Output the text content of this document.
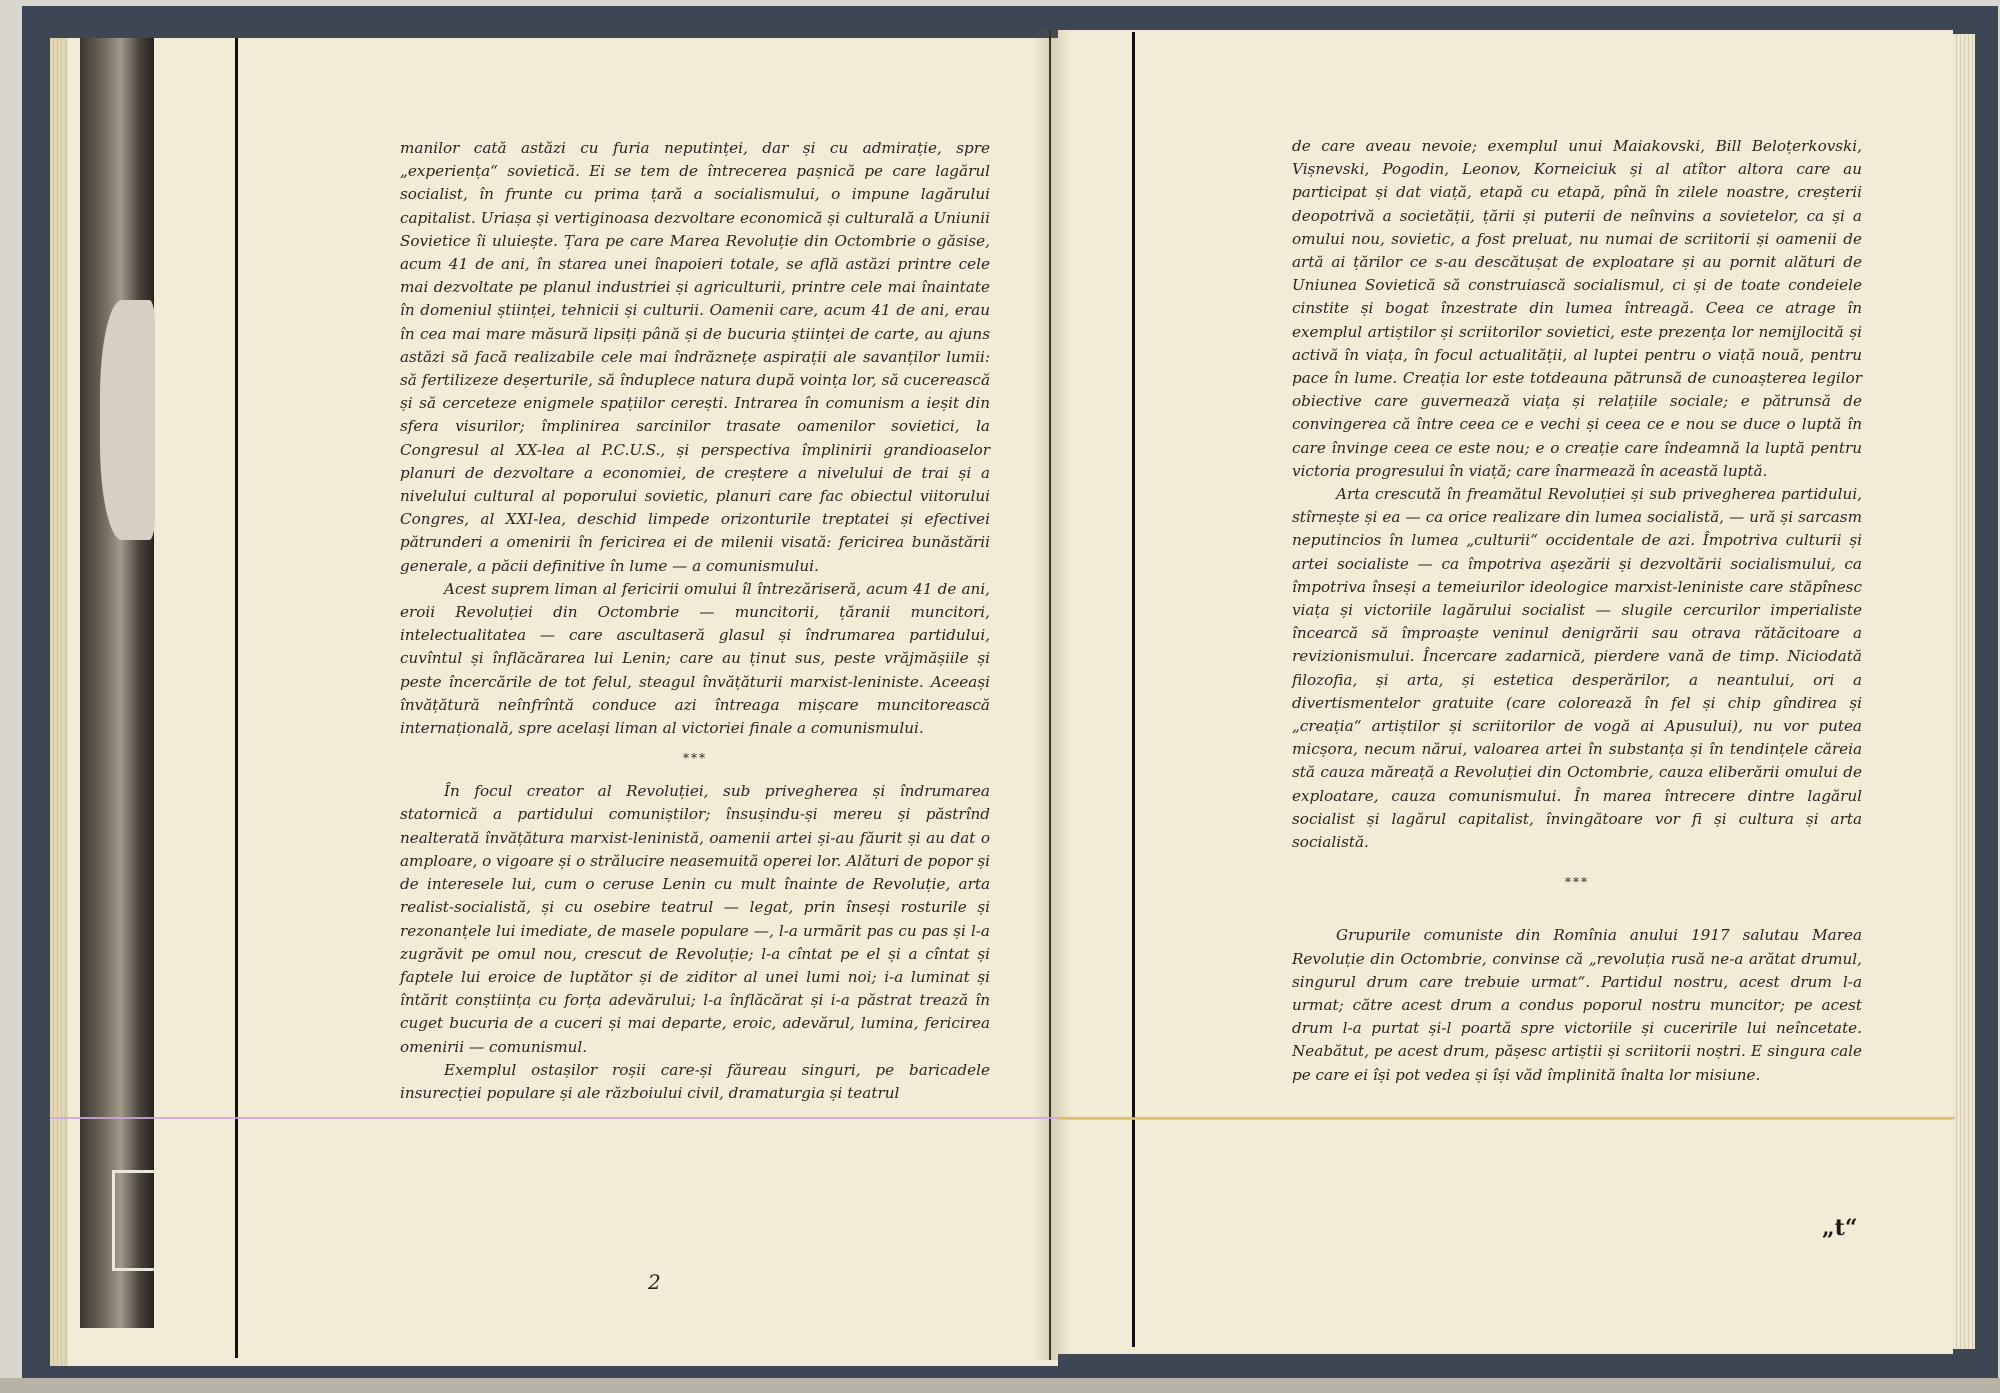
manilor cată astăzi cu furia neputinței, dar și cu admirație, spre „experiența“ sovietică. Ei se tem de întrecerea pașnică pe care lagărul socialist, în frunte cu prima țară a socialismului, o impune lagărului capitalist. Uriașa și vertiginoasa dezvoltare economică și culturală a Uniunii Sovietice îi uluiește. Țara pe care Marea Revoluție din Octombrie o găsise, acum 41 de ani, în starea unei înapoieri totale, se află astăzi printre cele mai dezvoltate pe planul industriei și agriculturii, printre cele mai înaintate în domeniul științei, tehnicii și culturii. Oamenii care, acum 41 de ani, erau în cea mai mare măsură lipsiți până și de bucuria științei de carte, au ajuns astăzi să facă realizabile cele mai îndrăznețe aspirații ale savanților lumii: să fertilizeze deșerturile, să înduplece natura după voința lor, să cucerească și să cerceteze enigmele spațiilor cerești. Intrarea în comunism a ieșit din sfera visurilor; împlinirea sarcinilor trasate oamenilor sovietici, la Congresul al XX-lea al P.C.U.S., și perspectiva împlinirii grandioaselor planuri de dezvoltare a economiei, de creștere a nivelului de trai și a nivelului cultural al poporului sovietic, planuri care fac obiectul viitorului Congres, al XXI-lea, deschid limpede orizonturile treptatei și efectivei pătrunderi a omenirii în fericirea ei de milenii visată: fericirea bunăstării generale, a păcii definitive în lume — a comunismului.

Acest suprem liman al fericirii omului îl întrezăriseră, acum 41 de ani, eroii Revoluției din Octombrie — muncitorii, țăranii muncitori, intelectualitatea — care ascultaseră glasul și îndrumarea partidului, cuvîntul și înflăcărarea lui Lenin; care au ținut sus, peste vrăjmășiile și peste încercările de tot felul, steagul învățăturii marxist-leniniste. Aceeași învățătură neînfrîntă conduce azi întreaga mișcare muncitorească internațională, spre același liman al victoriei finale a comunismului.

***

În focul creator al Revoluției, sub privegherea și îndrumarea statornică a partidului comuniștilor; însușindu-și mereu și păstrînd nealterată învățătura marxist-leninistă, oamenii artei și-au făurit și au dat o amploare, o vigoare și o strălucire neasemuită operei lor. Alături de popor și de interesele lui, cum o ceruse Lenin cu mult înainte de Revoluție, arta realist-socialistă, și cu osebire teatrul — legat, prin înseși rosturile și rezonanțele lui imediate, de masele populare —, l-a urmărit pas cu pas și l-a zugrăvit pe omul nou, crescut de Revoluție; l-a cîntat pe el și a cîntat și faptele lui eroice de luptător și de ziditor al unei lumi noi; i-a luminat și întărit conștiința cu forța adevărului; l-a înflăcărat și i-a păstrat trează în cuget bucuria de a cuceri și mai departe, eroic, adevărul, lumina, fericirea omenirii — comunismul.

Exemplul ostașilor roșii care-și făureau singuri, pe baricadele insurecției populare și ale războiului civil, dramaturgia și teatrul

2

de care aveau nevoie; exemplul unui Maiakovski, Bill Beloțerkovski, Vișnevski, Pogodin, Leonov, Korneiciuk și al atîtor altora care au participat și dat viață, etapă cu etapă, pînă în zilele noastre, creșterii deopotrivă a societății, țării și puterii de neînvins a sovietelor, ca și a omului nou, sovietic, a fost preluat, nu numai de scriitorii și oamenii de artă ai țărilor ce s-au descătușat de exploatare și au pornit alături de Uniunea Sovietică să construiască socialismul, ci și de toate condeiele cinstite și bogat înzestrate din lumea întreagă. Ceea ce atrage în exemplul artiștilor și scriitorilor sovietici, este prezența lor nemijlocită și activă în viața, în focul actualității, al luptei pentru o viață nouă, pentru pace în lume. Creația lor este totdeauna pătrunsă de cunoașterea legilor obiective care guvernează viața și relațiile sociale; e pătrunsă de convingerea că între ceea ce e vechi și ceea ce e nou se duce o luptă în care învinge ceea ce este nou; e o creație care îndeamnă la luptă pentru victoria progresului în viață; care înarmează în această luptă.

Arta crescută în freamătul Revoluției și sub privegherea partidului, stîrnește și ea — ca orice realizare din lumea socialistă, — ură și sarcasm neputincios în lumea „culturii“ occidentale de azi. Împotriva culturii și artei socialiste — ca împotriva așezării și dezvoltării socialismului, ca împotriva înseși a temeiurilor ideologice marxist-leniniste care stăpînesc viața și victoriile lagărului socialist — slugile cercurilor imperialiste încearcă să împroaște veninul denigrării sau otrava rătăcitoare a revizionismului. Încercare zadarnică, pierdere vană de timp. Niciodată filozofia, și arta, și estetica desperărilor, a neantului, ori a divertismentelor gratuite (care colorează în fel și chip gîndirea și „creația“ artiștilor și scriitorilor de vogă ai Apusului), nu vor putea micșora, necum nărui, valoarea artei în substanța și în tendințele căreia stă cauza măreață a Revoluției din Octombrie, cauza eliberării omului de exploatare, cauza comunismului. În marea întrecere dintre lagărul socialist și lagărul capitalist, învingătoare vor fi și cultura și arta socialistă.

***

Grupurile comuniste din Romînia anului 1917 salutau Marea Revoluție din Octombrie, convinse că „revoluția rusă ne-a arătat drumul, singurul drum care trebuie urmat“. Partidul nostru, acest drum l-a urmat; către acest drum a condus poporul nostru muncitor; pe acest drum l-a purtat și-l poartă spre victoriile și cuceririle lui neîncetate. Neabătut, pe acest drum, pășesc artiștii și scriitorii noștri. E singura cale pe care ei își pot vedea și își văd împlinită înalta lor misiune.

„t“
